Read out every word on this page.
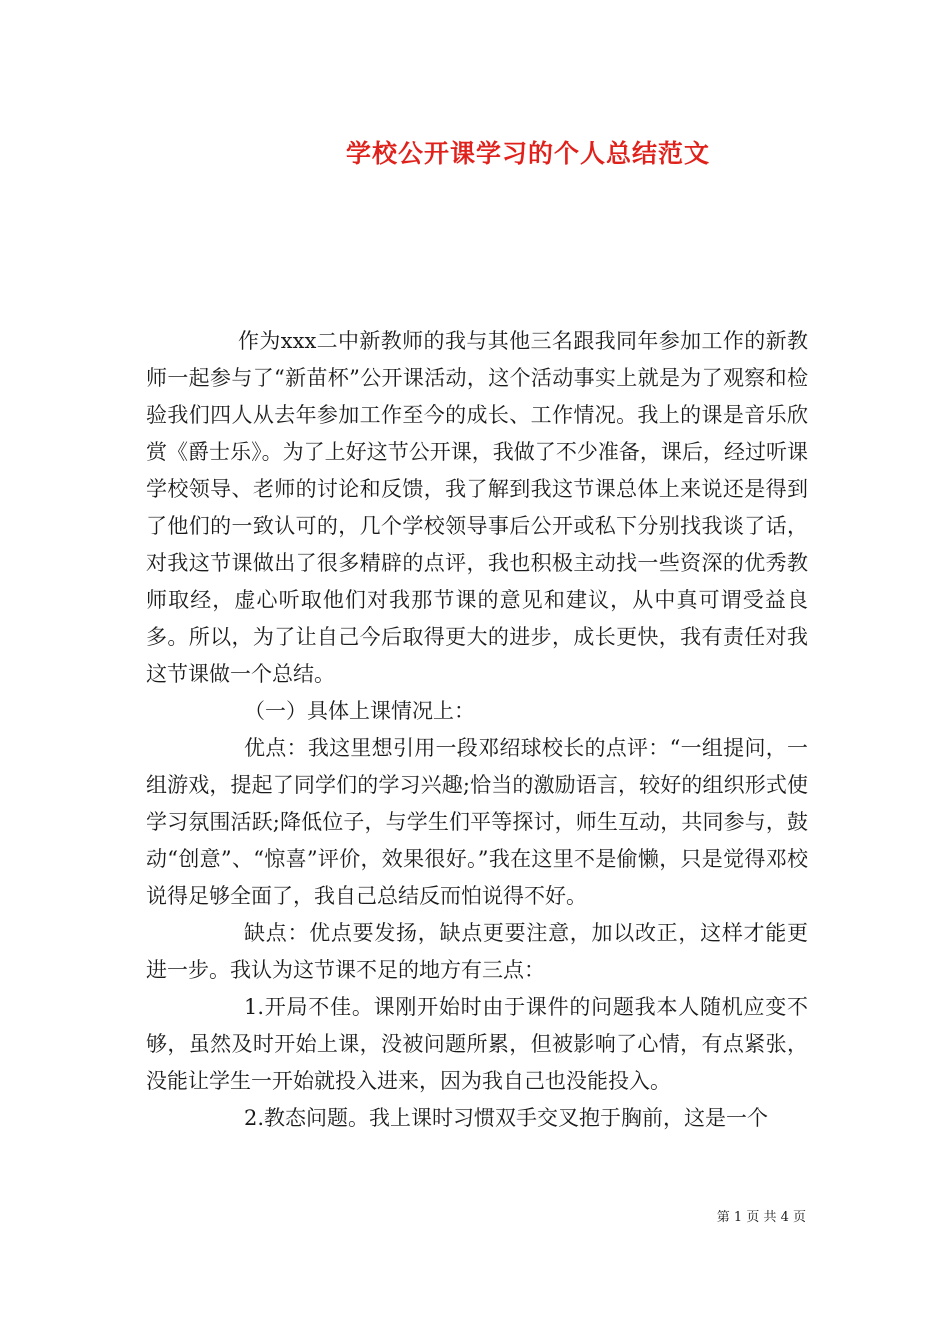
学校公开课学习的个人总结范文

作为xxx二中新教师的我与其他三名跟我同年参加工作的新教师一起参与了“新苗杯”公开课活动，这个活动事实上就是为了观察和检验我们四人从去年参加工作至今的成长、工作情况。我上的课是音乐欣赏《爵士乐》。为了上好这节公开课，我做了不少准备，课后，经过听课学校领导、老师的讨论和反馈，我了解到我这节课总体上来说还是得到了他们的一致认可的，几个学校领导事后公开或私下分别找我谈了话，对我这节课做出了很多精辟的点评，我也积极主动找一些资深的优秀教师取经，虚心听取他们对我那节课的意见和建议，从中真可谓受益良多。所以，为了让自己今后取得更大的进步，成长更快，我有责任对我这节课做一个总结。

（一）具体上课情况上：

优点：我这里想引用一段邓绍球校长的点评：“一组提问，一组游戏，提起了同学们的学习兴趣;恰当的激励语言，较好的组织形式使学习氛围活跃;降低位子，与学生们平等探讨，师生互动，共同参与，鼓动“创意”、“惊喜”评价，效果很好。”我在这里不是偷懒，只是觉得邓校说得足够全面了，我自己总结反而怕说得不好。

缺点：优点要发扬，缺点更要注意，加以改正，这样才能更进一步。我认为这节课不足的地方有三点：

1.开局不佳。课刚开始时由于课件的问题我本人随机应变不够，虽然及时开始上课，没被问题所累，但被影响了心情，有点紧张，没能让学生一开始就投入进来，因为我自己也没能投入。

2.教态问题。我上课时习惯双手交叉抱于胸前，这是一个

第 1 页 共 4 页
